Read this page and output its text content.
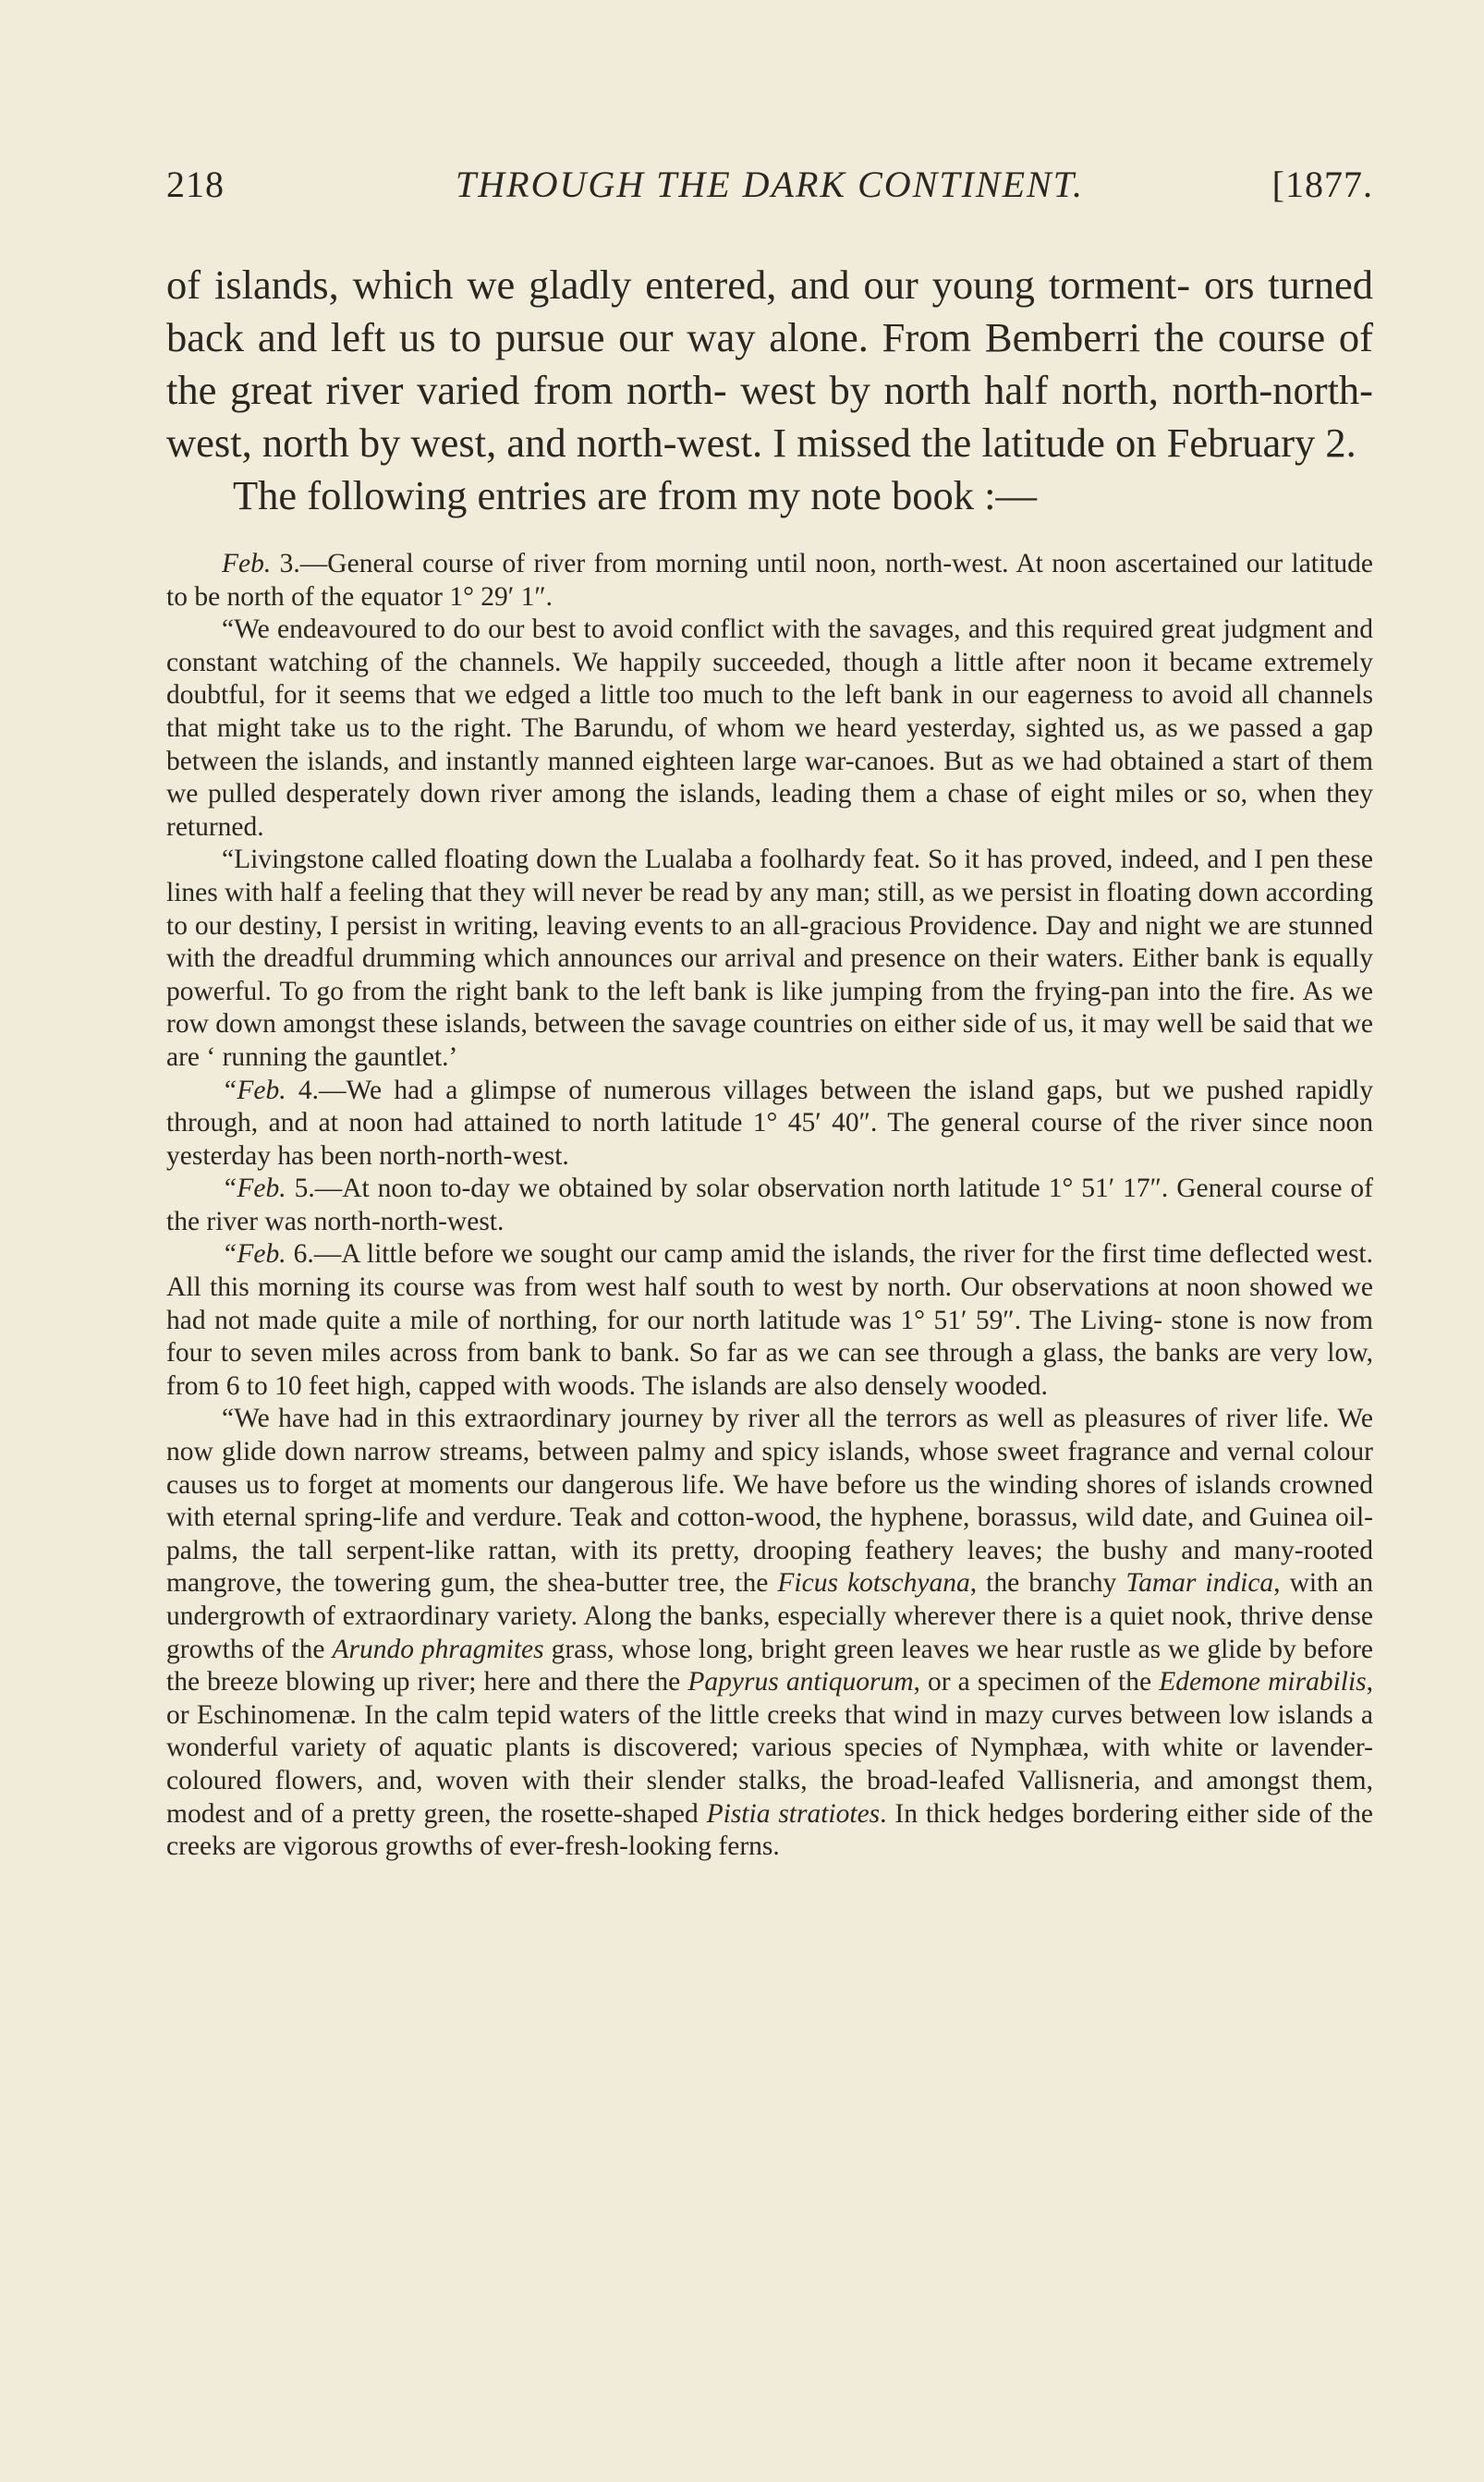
218	THROUGH THE DARK CONTINENT.	[1877.

of islands, which we gladly entered, and our young torment- ors turned back and left us to pursue our way alone. From Bemberri the course of the great river varied from north- west by north half north, north-north-west, north by west, and north-west. I missed the latitude on February 2.

The following entries are from my note book :—

Feb. 3.—General course of river from morning until noon, north-west. At noon ascertained our latitude to be north of the equator 1° 29′ 1″.

“We endeavoured to do our best to avoid conflict with the savages, and this required great judgment and constant watching of the channels. We happily succeeded, though a little after noon it became extremely doubtful, for it seems that we edged a little too much to the left bank in our eagerness to avoid all channels that might take us to the right. The Barundu, of whom we heard yesterday, sighted us, as we passed a gap between the islands, and instantly manned eighteen large war-canoes. But as we had obtained a start of them we pulled desperately down river among the islands, leading them a chase of eight miles or so, when they returned.

“Livingstone called floating down the Lualaba a foolhardy feat. So it has proved, indeed, and I pen these lines with half a feeling that they will never be read by any man; still, as we persist in floating down according to our destiny, I persist in writing, leaving events to an all-gracious Providence. Day and night we are stunned with the dreadful drumming which announces our arrival and presence on their waters. Either bank is equally powerful. To go from the right bank to the left bank is like jumping from the frying-pan into the fire. As we row down amongst these islands, between the savage countries on either side of us, it may well be said that we are ‘ running the gauntlet.’

“Feb. 4.—We had a glimpse of numerous villages between the island gaps, but we pushed rapidly through, and at noon had attained to north latitude 1° 45′ 40″. The general course of the river since noon yesterday has been north-north-west.

“Feb. 5.—At noon to-day we obtained by solar observation north latitude 1° 51′ 17″. General course of the river was north-north-west.

“Feb. 6.—A little before we sought our camp amid the islands, the river for the first time deflected west. All this morning its course was from west half south to west by north. Our observations at noon showed we had not made quite a mile of northing, for our north latitude was 1° 51′ 59″. The Living- stone is now from four to seven miles across from bank to bank. So far as we can see through a glass, the banks are very low, from 6 to 10 feet high, capped with woods. The islands are also densely wooded.

“We have had in this extraordinary journey by river all the terrors as well as pleasures of river life. We now glide down narrow streams, between palmy and spicy islands, whose sweet fragrance and vernal colour causes us to forget at moments our dangerous life. We have before us the winding shores of islands crowned with eternal spring-life and verdure. Teak and cotton-wood, the hyphene, borassus, wild date, and Guinea oil-palms, the tall serpent-like rattan, with its pretty, drooping feathery leaves; the bushy and many-rooted mangrove, the towering gum, the shea-butter tree, the Ficus kotschyana, the branchy Tamar indica, with an undergrowth of extraordinary variety. Along the banks, especially wherever there is a quiet nook, thrive dense growths of the Arundo phragmites grass, whose long, bright green leaves we hear rustle as we glide by before the breeze blowing up river; here and there the Papyrus antiquorum, or a specimen of the Edemone mirabilis, or Eschinomenæ. In the calm tepid waters of the little creeks that wind in mazy curves between low islands a wonderful variety of aquatic plants is discovered; various species of Nymphæa, with white or lavender-coloured flowers, and, woven with their slender stalks, the broad-leafed Vallisneria, and amongst them, modest and of a pretty green, the rosette-shaped Pistia stratiotes. In thick hedges bordering either side of the creeks are vigorous growths of ever-fresh-looking ferns.
